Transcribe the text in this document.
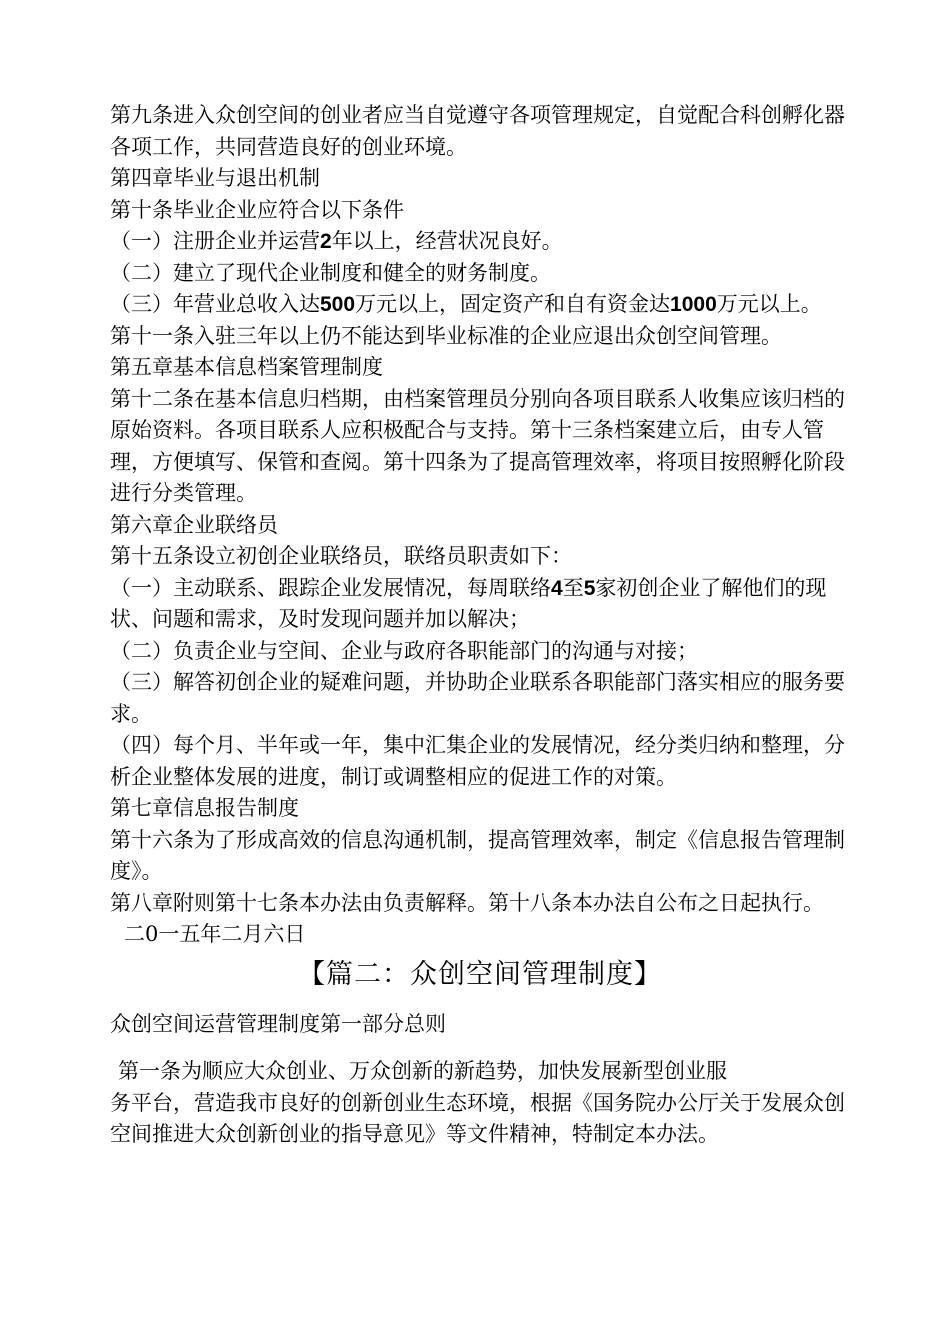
第九条进入众创空间的创业者应当自觉遵守各项管理规定，自觉配合科创孵化器各项工作，共同营造良好的创业环境。

第四章毕业与退出机制

第十条毕业企业应符合以下条件

（一）注册企业并运营2年以上，经营状况良好。

（二）建立了现代企业制度和健全的财务制度。

（三）年营业总收入达500万元以上，固定资产和自有资金达1000万元以上。

第十一条入驻三年以上仍不能达到毕业标准的企业应退出众创空间管理。

第五章基本信息档案管理制度

第十二条在基本信息归档期，由档案管理员分别向各项目联系人收集应该归档的原始资料。各项目联系人应积极配合与支持。第十三条档案建立后，由专人管理，方便填写、保管和查阅。第十四条为了提高管理效率，将项目按照孵化阶段进行分类管理。

第六章企业联络员

第十五条设立初创企业联络员，联络员职责如下：

（一）主动联系、跟踪企业发展情况，每周联络4至5家初创企业了解他们的现状、问题和需求，及时发现问题并加以解决；

（二）负责企业与空间、企业与政府各职能部门的沟通与对接；

（三）解答初创企业的疑难问题，并协助企业联系各职能部门落实相应的服务要求。

（四）每个月、半年或一年，集中汇集企业的发展情况，经分类归纳和整理，分析企业整体发展的进度，制订或调整相应的促进工作的对策。

第七章信息报告制度

第十六条为了形成高效的信息沟通机制，提高管理效率，制定《信息报告管理制度》。

第八章附则第十七条本办法由负责解释。第十八条本办法自公布之日起执行。

二0一五年二月六日

【篇二：众创空间管理制度】

众创空间运营管理制度第一部分总则

第一条为顺应大众创业、万众创新的新趋势，加快发展新型创业服

务平台，营造我市良好的创新创业生态环境，根据《国务院办公厅关于发展众创空间推进大众创新创业的指导意见》等文件精神，特制定本办法。
